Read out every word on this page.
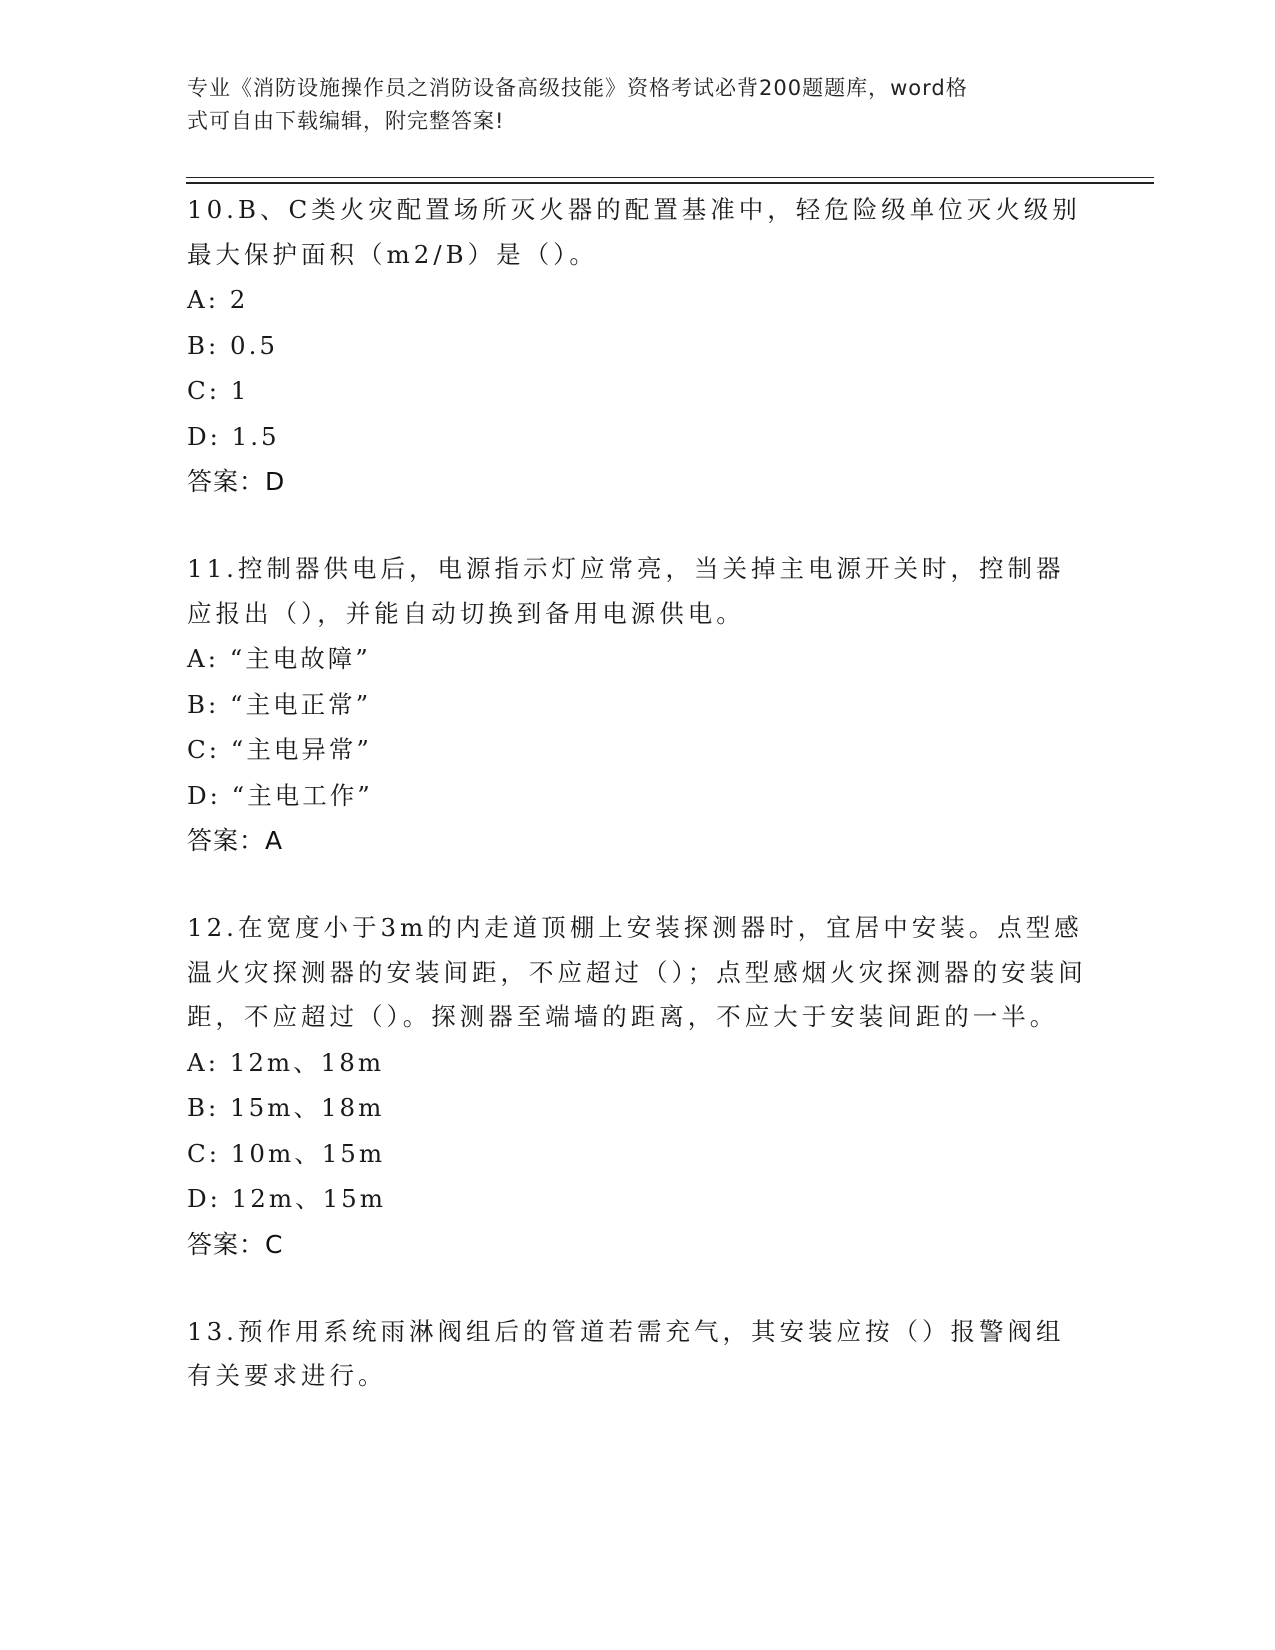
专业《消防设施操作员之消防设备高级技能》资格考试必背200题题库，word格
式可自由下载编辑，附完整答案!
10.B、C类火灾配置场所灭火器的配置基准中，轻危险级单位灭火级别最大保护面积（m2/B）是（）。
A: 2
B: 0.5
C: 1
D: 1.5
答案：D
11.控制器供电后，电源指示灯应常亮，当关掉主电源开关时，控制器应报出（），并能自动切换到备用电源供电。
A: “主电故障”
B: “主电正常”
C: “主电异常”
D: “主电工作”
答案：A
12.在宽度小于3m的内走道顶棚上安装探测器时，宜居中安装。点型感温火灾探测器的安装间距，不应超过（）；点型感烟火灾探测器的安装间距，不应超过（）。探测器至端墙的距离，不应大于安装间距的一半。
A: 12m、18m
B: 15m、18m
C: 10m、15m
D: 12m、15m
答案：C
13.预作用系统雨淋阀组后的管道若需充气，其安装应按（）报警阀组有关要求进行。
